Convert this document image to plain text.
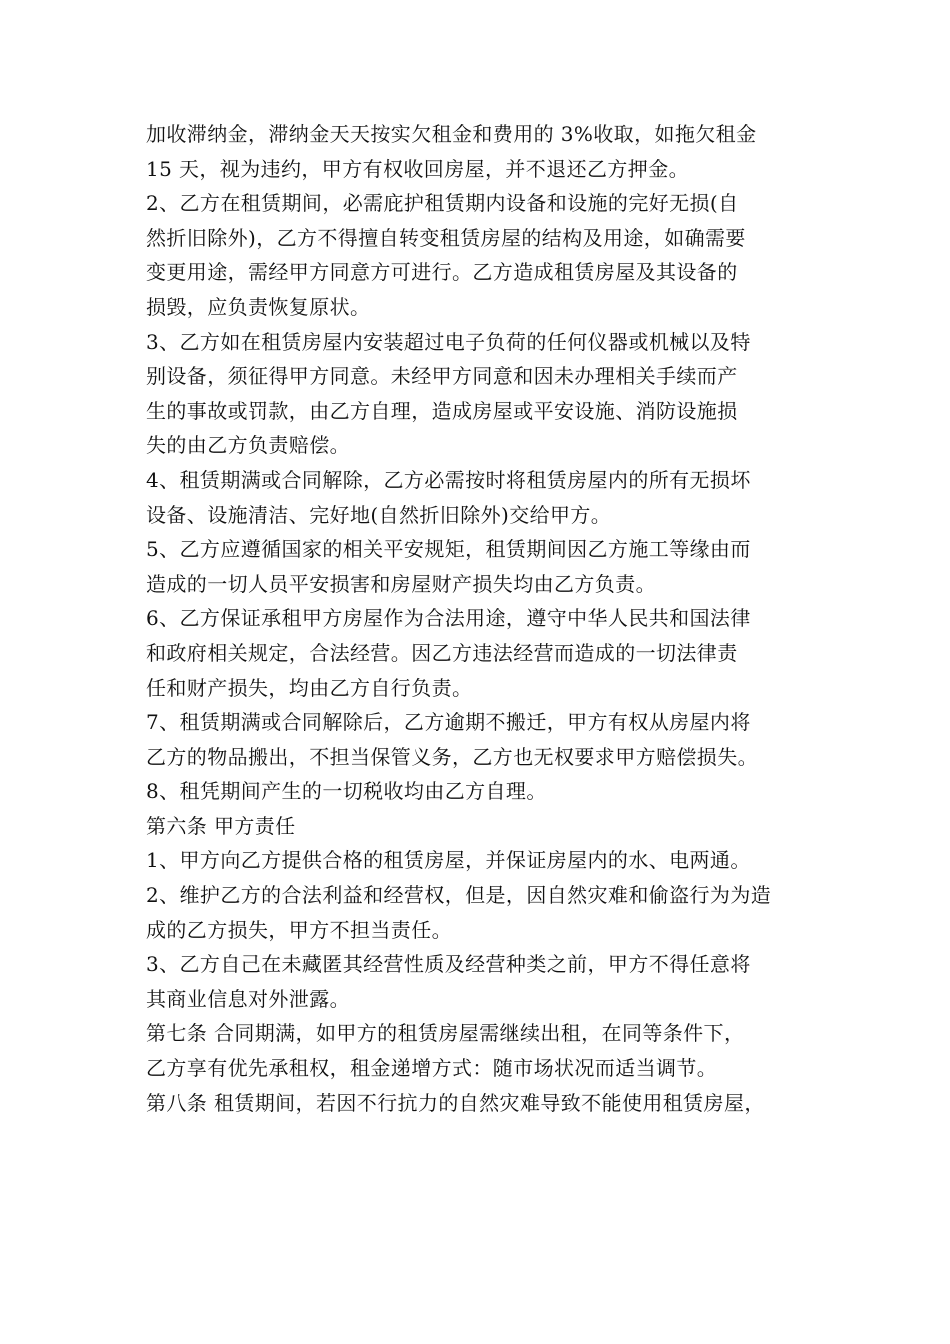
加收滞纳金，滞纳金天天按实欠租金和费用的 3%收取，如拖欠租金
15 天，视为违约，甲方有权收回房屋，并不退还乙方押金。
2、乙方在租赁期间，必需庇护租赁期内设备和设施的完好无损(自
然折旧除外)，乙方不得擅自转变租赁房屋的结构及用途，如确需要
变更用途，需经甲方同意方可进行。乙方造成租赁房屋及其设备的
损毁，应负责恢复原状。
3、乙方如在租赁房屋内安装超过电子负荷的任何仪器或机械以及特
别设备，须征得甲方同意。未经甲方同意和因未办理相关手续而产
生的事故或罚款，由乙方自理，造成房屋或平安设施、消防设施损
失的由乙方负责赔偿。
4、租赁期满或合同解除，乙方必需按时将租赁房屋内的所有无损坏
设备、设施清洁、完好地(自然折旧除外)交给甲方。
5、乙方应遵循国家的相关平安规矩，租赁期间因乙方施工等缘由而
造成的一切人员平安损害和房屋财产损失均由乙方负责。
6、乙方保证承租甲方房屋作为合法用途，遵守中华人民共和国法律
和政府相关规定，合法经营。因乙方违法经营而造成的一切法律责
任和财产损失，均由乙方自行负责。
7、租赁期满或合同解除后，乙方逾期不搬迁，甲方有权从房屋内将
乙方的物品搬出，不担当保管义务，乙方也无权要求甲方赔偿损失。
8、租凭期间产生的一切税收均由乙方自理。
第六条 甲方责任
1、甲方向乙方提供合格的租赁房屋，并保证房屋内的水、电两通。
2、维护乙方的合法利益和经营权，但是，因自然灾难和偷盗行为为造
成的乙方损失，甲方不担当责任。
3、乙方自己在未藏匿其经营性质及经营种类之前，甲方不得任意将
其商业信息对外泄露。
第七条 合同期满，如甲方的租赁房屋需继续出租，在同等条件下，
乙方享有优先承租权，租金递增方式：随市场状况而适当调节。
第八条 租赁期间，若因不行抗力的自然灾难导致不能使用租赁房屋，
